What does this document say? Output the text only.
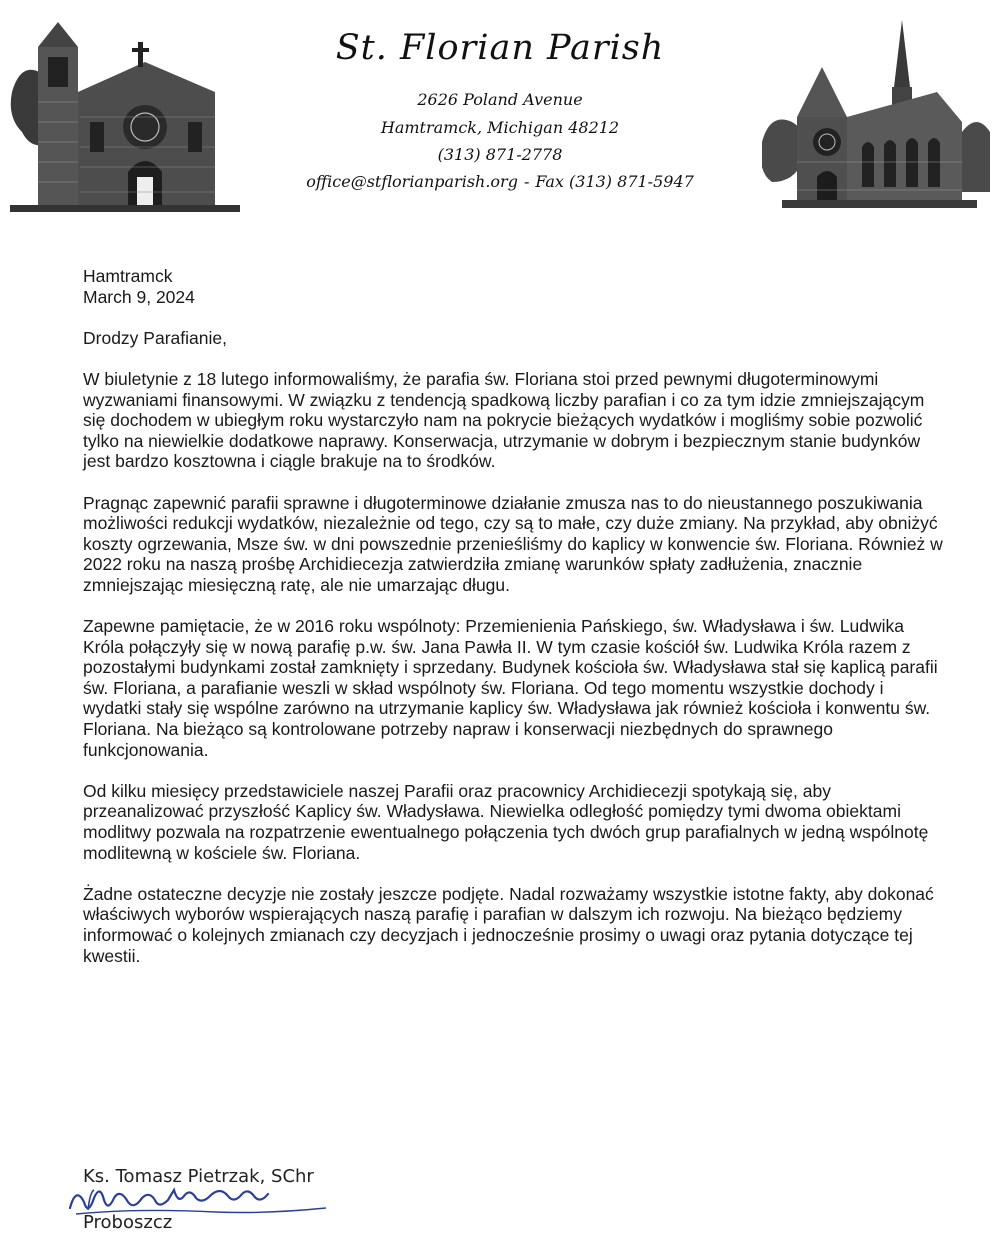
St. Florian Parish
2626 Poland Avenue
Hamtramck, Michigan 48212
(313) 871-2778
office@stflorianparish.org - Fax (313) 871-5947
Hamtramck
March 9, 2024
Drodzy Parafianie,

W biuletynie z 18 lutego informowaliśmy, że parafia św. Floriana stoi przed pewnymi długoterminowymi wyzwaniami finansowymi. W związku z tendencją spadkową liczby parafian i co za tym idzie zmniejszającym się dochodem w ubiegłym roku wystarczyło nam na pokrycie bieżących wydatków i mogliśmy sobie pozwolić tylko na niewielkie dodatkowe naprawy. Konserwacja, utrzymanie w dobrym i bezpiecznym stanie budynków jest bardzo kosztowna i ciągle brakuje na to środków.

Pragnąc zapewnić parafii sprawne i długoterminowe działanie zmusza nas to do nieustannego poszukiwania możliwości redukcji wydatków, niezależnie od tego, czy są to małe, czy duże zmiany. Na przykład, aby obniżyć koszty ogrzewania, Msze św. w dni powszednie przenieśliśmy do kaplicy w konwencie św. Floriana. Również w 2022 roku na naszą prośbę Archidiecezja zatwierdziła zmianę warunków spłaty zadłużenia, znacznie zmniejszając miesięczną ratę, ale nie umarzając długu.

Zapewne pamiętacie, że w 2016 roku wspólnoty: Przemienienia Pańskiego, św. Władysława i św. Ludwika Króla połączyły się w nową parafię p.w. św. Jana Pawła II. W tym czasie kościół św. Ludwika Króla razem z pozostałymi budynkami został zamknięty i sprzedany. Budynek kościoła św. Władysława stał się kaplicą parafii św. Floriana, a parafianie weszli w skład wspólnoty św. Floriana. Od tego momentu wszystkie dochody i wydatki stały się wspólne zarówno na utrzymanie kaplicy św. Władysława jak również kościoła i konwentu św. Floriana. Na bieżąco są kontrolowane potrzeby napraw i konserwacji niezbędnych do sprawnego funkcjonowania.

Od kilku miesięcy przedstawiciele naszej Parafii oraz pracownicy Archidiecezji spotykają się, aby przeanalizować przyszłość Kaplicy św. Władysława. Niewielka odległość pomiędzy tymi dwoma obiektami modlitwy pozwala na rozpatrzenie ewentualnego połączenia tych dwóch grup parafialnych w jedną wspólnotę modlitewną w kościele św. Floriana.

Żadne ostateczne decyzje nie zostały jeszcze podjęte. Nadal rozważamy wszystkie istotne fakty, aby dokonać właściwych wyborów wspierających naszą parafię i parafian w dalszym ich rozwoju. Na bieżąco będziemy informować o kolejnych zmianach czy decyzjach i jednocześnie prosimy o uwagi oraz pytania dotyczące tej kwestii.

Ks. Tomasz Pietrzak, SChr
Proboszcz
